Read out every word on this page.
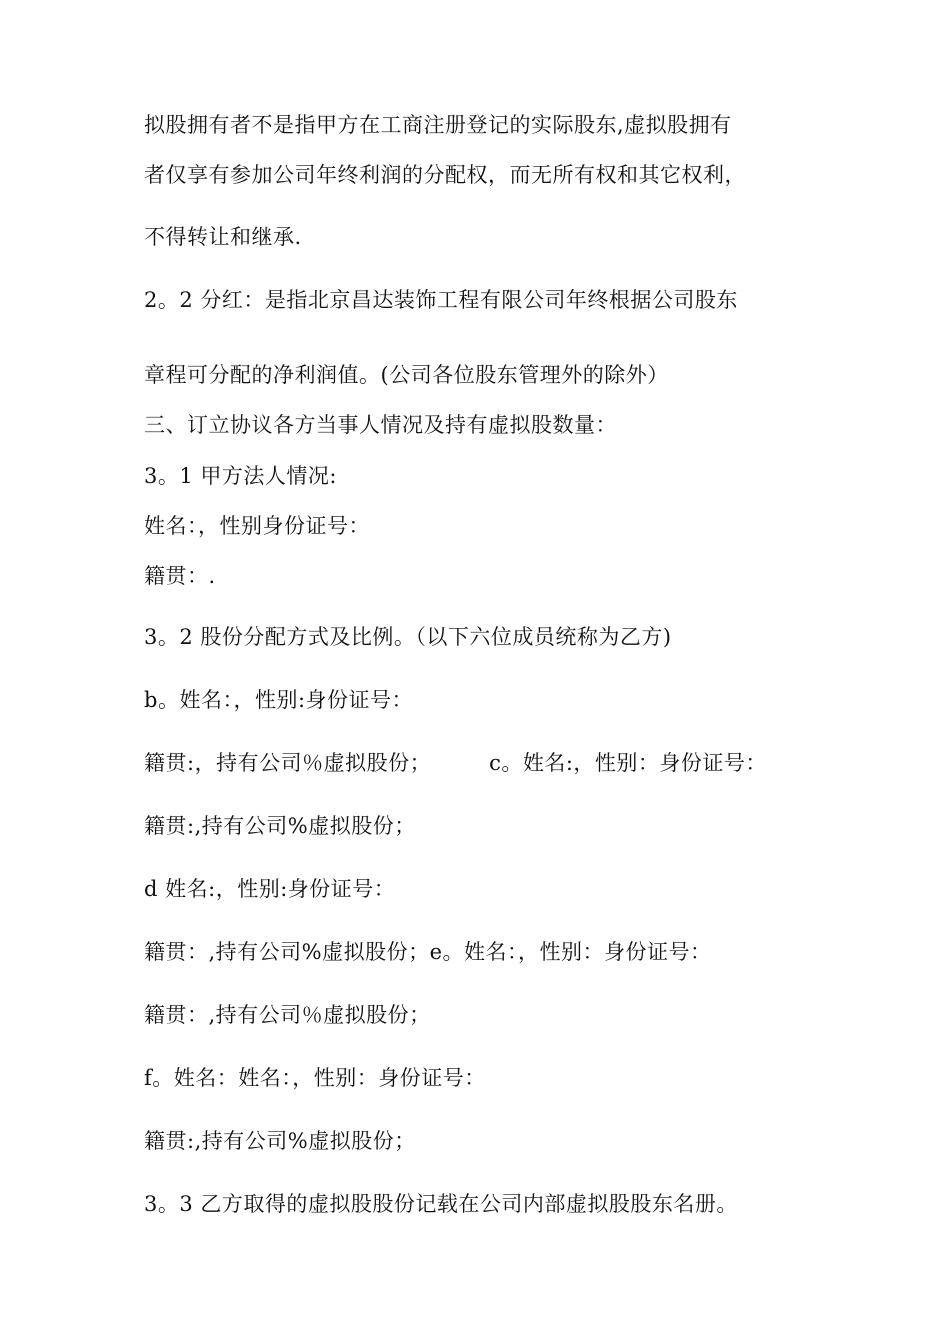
拟股拥有者不是指甲方在工商注册登记的实际股东,虚拟股拥有
者仅享有参加公司年终利润的分配权，而无所有权和其它权利，
不得转让和继承.
2。2 分红：是指北京昌达装饰工程有限公司年终根据公司股东
章程可分配的净利润值。(公司各位股东管理外的除外）
三、订立协议各方当事人情况及持有虚拟股数量：
3。1 甲方法人情况:
姓名：，性别身份证号：
籍贯：.
3。2 股份分配方式及比例。（以下六位成员统称为乙方)
b。姓名：，性别:身份证号：
籍贯:，持有公司％虚拟股份；	c。姓名:，性别：身份证号：
籍贯:,持有公司%虚拟股份；
d 姓名:，性别:身份证号：
籍贯：,持有公司%虚拟股份；e。姓名：，性别：身份证号：
籍贯：,持有公司％虚拟股份；
f。姓名：姓名：，性别：身份证号：
籍贯:,持有公司%虚拟股份；
3。3 乙方取得的虚拟股股份记载在公司内部虚拟股股东名册。
